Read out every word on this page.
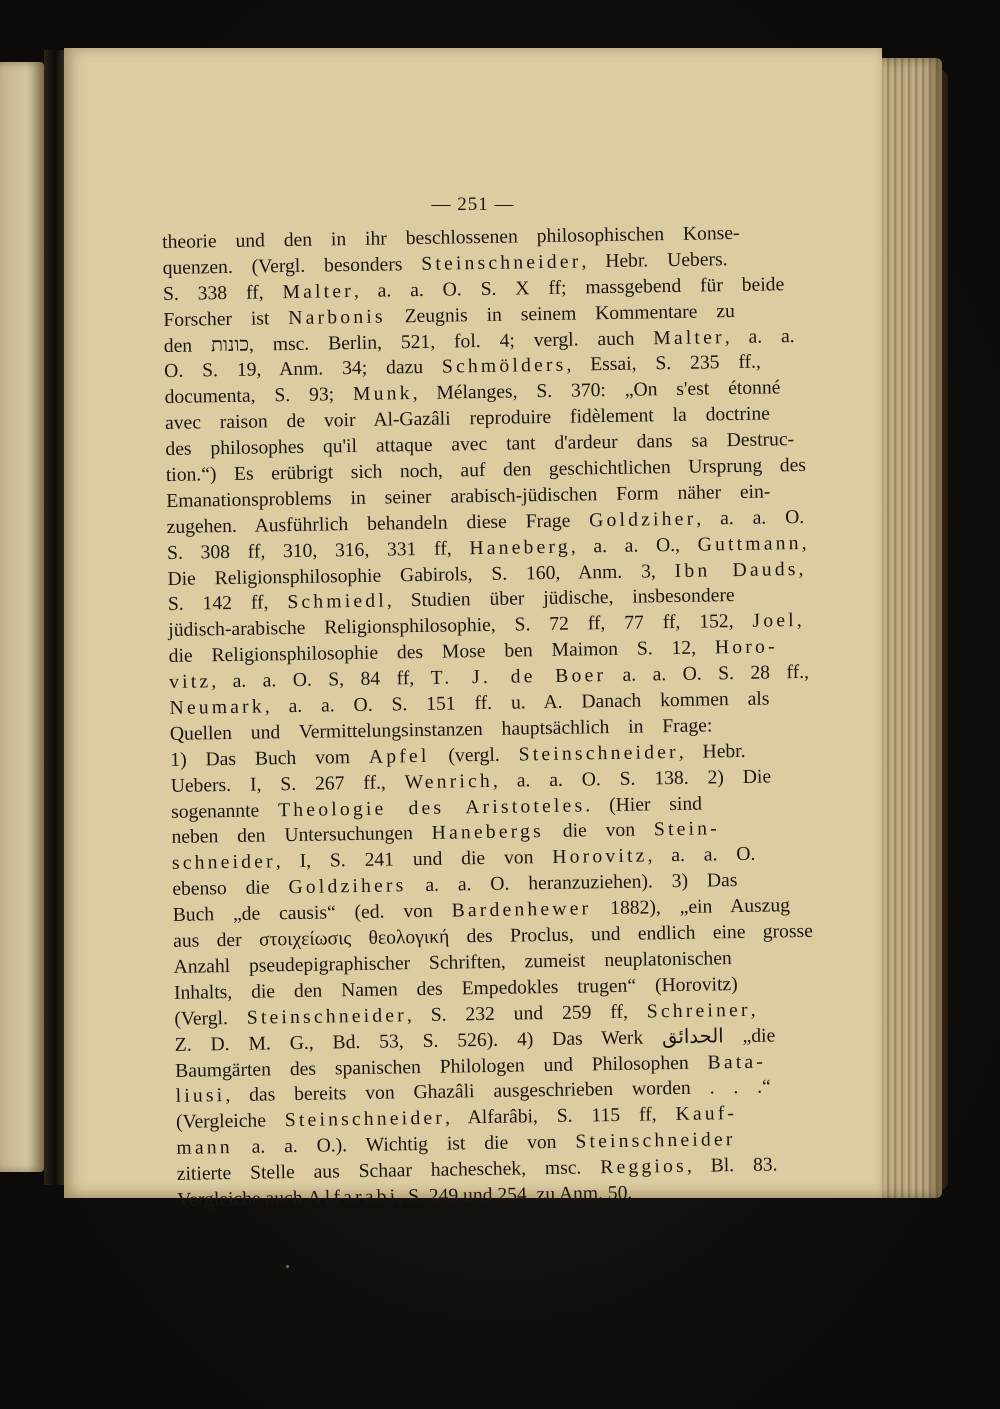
— 251 —
theorie und den in ihr beschlossenen philosophischen Konse-
quenzen. (Vergl. besonders Steinschneider, Hebr. Uebers.
S. 338 ff, Malter, a. a. O. S. X ff; massgebend für beide
Forscher ist Narbonis Zeugnis in seinem Kommentare zu
den כונות, msc. Berlin, 521, fol. 4; vergl. auch Malter, a. a.
O. S. 19, Anm. 34; dazu Schmölders, Essai, S. 235 ff.,
documenta, S. 93; Munk, Mélanges, S. 370: „On s'est étonné
avec raison de voir Al-Gazâli reproduire fidèlement la doctrine
des philosophes qu'il attaque avec tant d'ardeur dans sa Destruc-
tion.“) Es erübrigt sich noch, auf den geschichtlichen Ursprung des
Emanationsproblems in seiner arabisch-jüdischen Form näher ein-
zugehen. Ausführlich behandeln diese Frage Goldziher, a. a. O.
S. 308 ff, 310, 316, 331 ff, Haneberg, a. a. O., Guttmann,
Die Religionsphilosophie Gabirols, S. 160, Anm. 3, Ibn Dauds,
S. 142 ff, Schmiedl, Studien über jüdische, insbesondere
jüdisch-arabische Religionsphilosophie, S. 72 ff, 77 ff, 152, Joel,
die Religionsphilosophie des Mose ben Maimon S. 12, Horo-
vitz, a. a. O. S, 84 ff, T. J. de Boer a. a. O. S. 28 ff.,
Neumark, a. a. O. S. 151 ff. u. A. Danach kommen als
Quellen und Vermittelungsinstanzen hauptsächlich in Frage:
1) Das Buch vom Apfel (vergl. Steinschneider, Hebr.
Uebers. I, S. 267 ff., Wenrich, a. a. O. S. 138. 2) Die
sogenannte Theologie des Aristoteles. (Hier sind
neben den Untersuchungen Hanebergs die von Stein-
schneider, I, S. 241 und die von Horovitz, a. a. O.
ebenso die Goldzihers a. a. O. heranzuziehen). 3) Das
Buch „de causis“ (ed. von Bardenhewer 1882), „ein Auszug
aus der στοιχείωσις θεολογική des Proclus, und endlich eine grosse
Anzahl pseudepigraphischer Schriften, zumeist neuplatonischen
Inhalts, die den Namen des Empedokles trugen“ (Horovitz)
(Vergl. Steinschneider, S. 232 und 259 ff, Schreiner,
Z. D. M. G., Bd. 53, S. 526). 4) Das Werk الحدائق „die
Baumgärten des spanischen Philologen und Philosophen Bata-
liusi, das bereits von Ghazâli ausgeschrieben worden . . .“
(Vergleiche Steinschneider, Alfarâbi, S. 115 ff, Kauf-
mann a. a. O.). Wichtig ist die von Steinschneider
zitierte Stelle aus Schaar hacheschek, msc. Reggios, Bl. 83.
Vergleiche auch Alfarabi, S. 249 und 254, zu Anm. 50.
